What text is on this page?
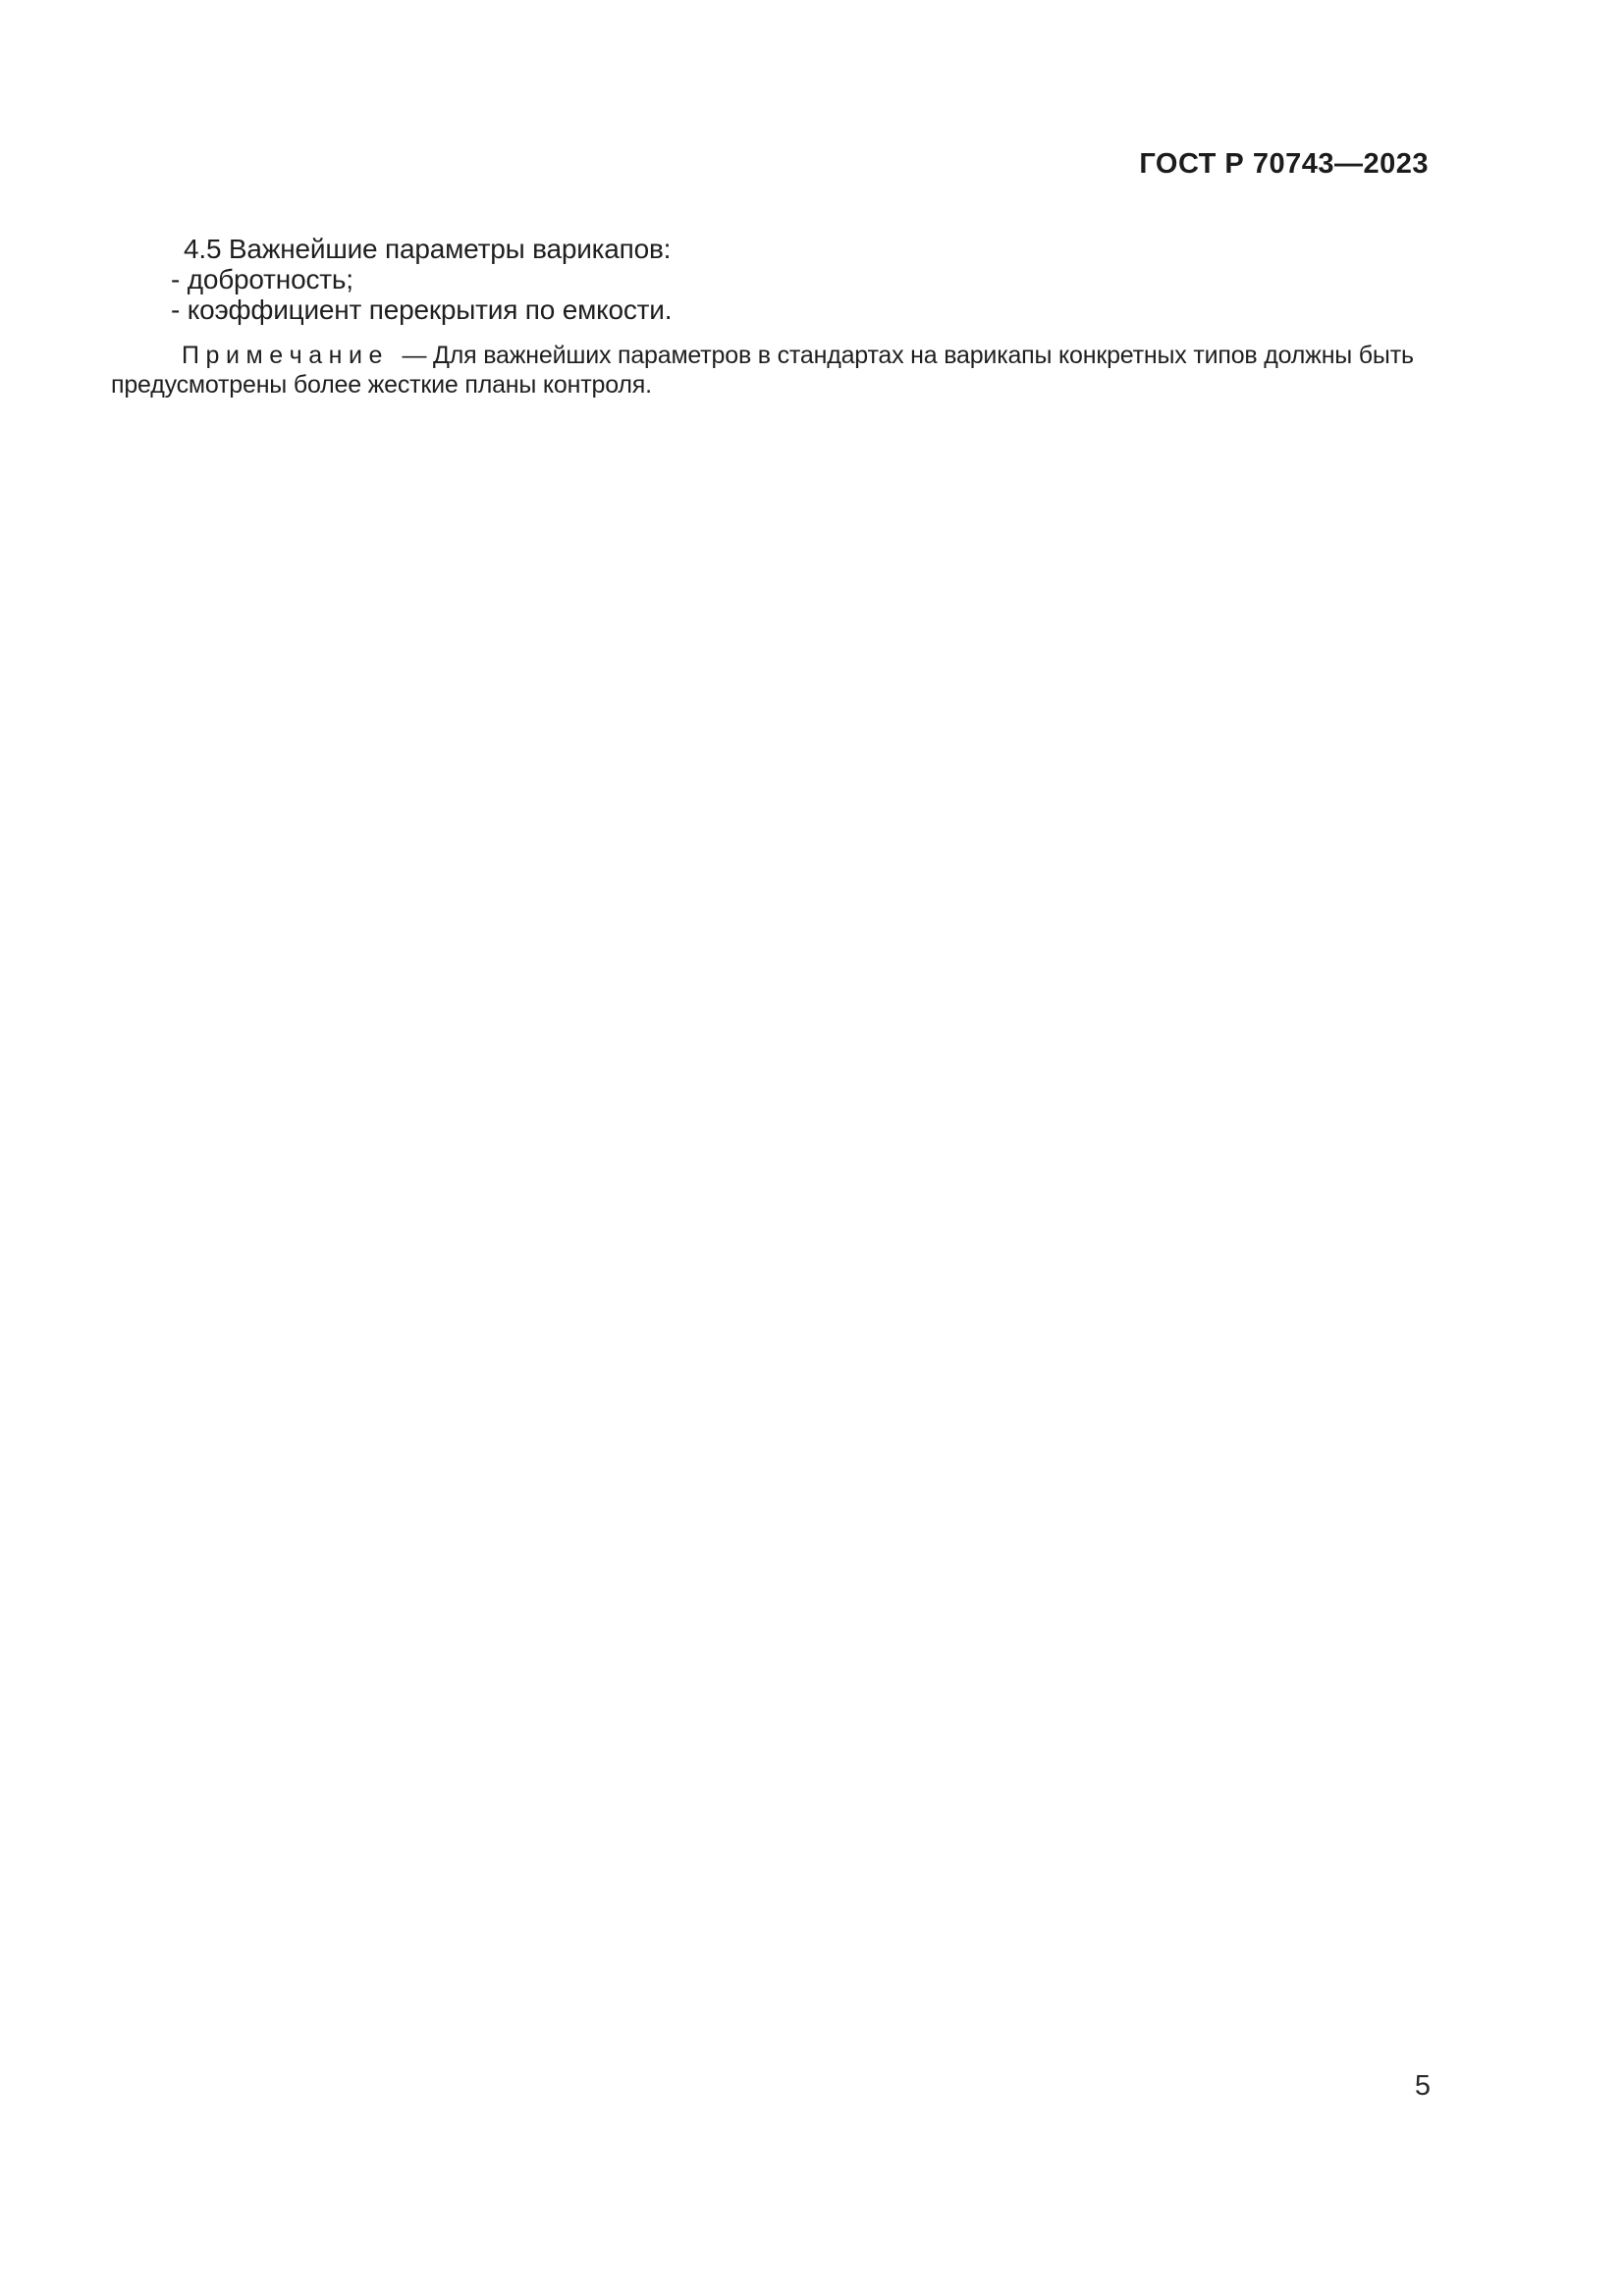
ГОСТ Р 70743—2023

4.5 Важнейшие параметры варикапов:

- добротность;

- коэффициент перекрытия по емкости.

П р и м е ч а н и е   — Для важнейших параметров в стандартах на варикапы конкретных типов должны быть

предусмотрены более жесткие планы контроля.

5
